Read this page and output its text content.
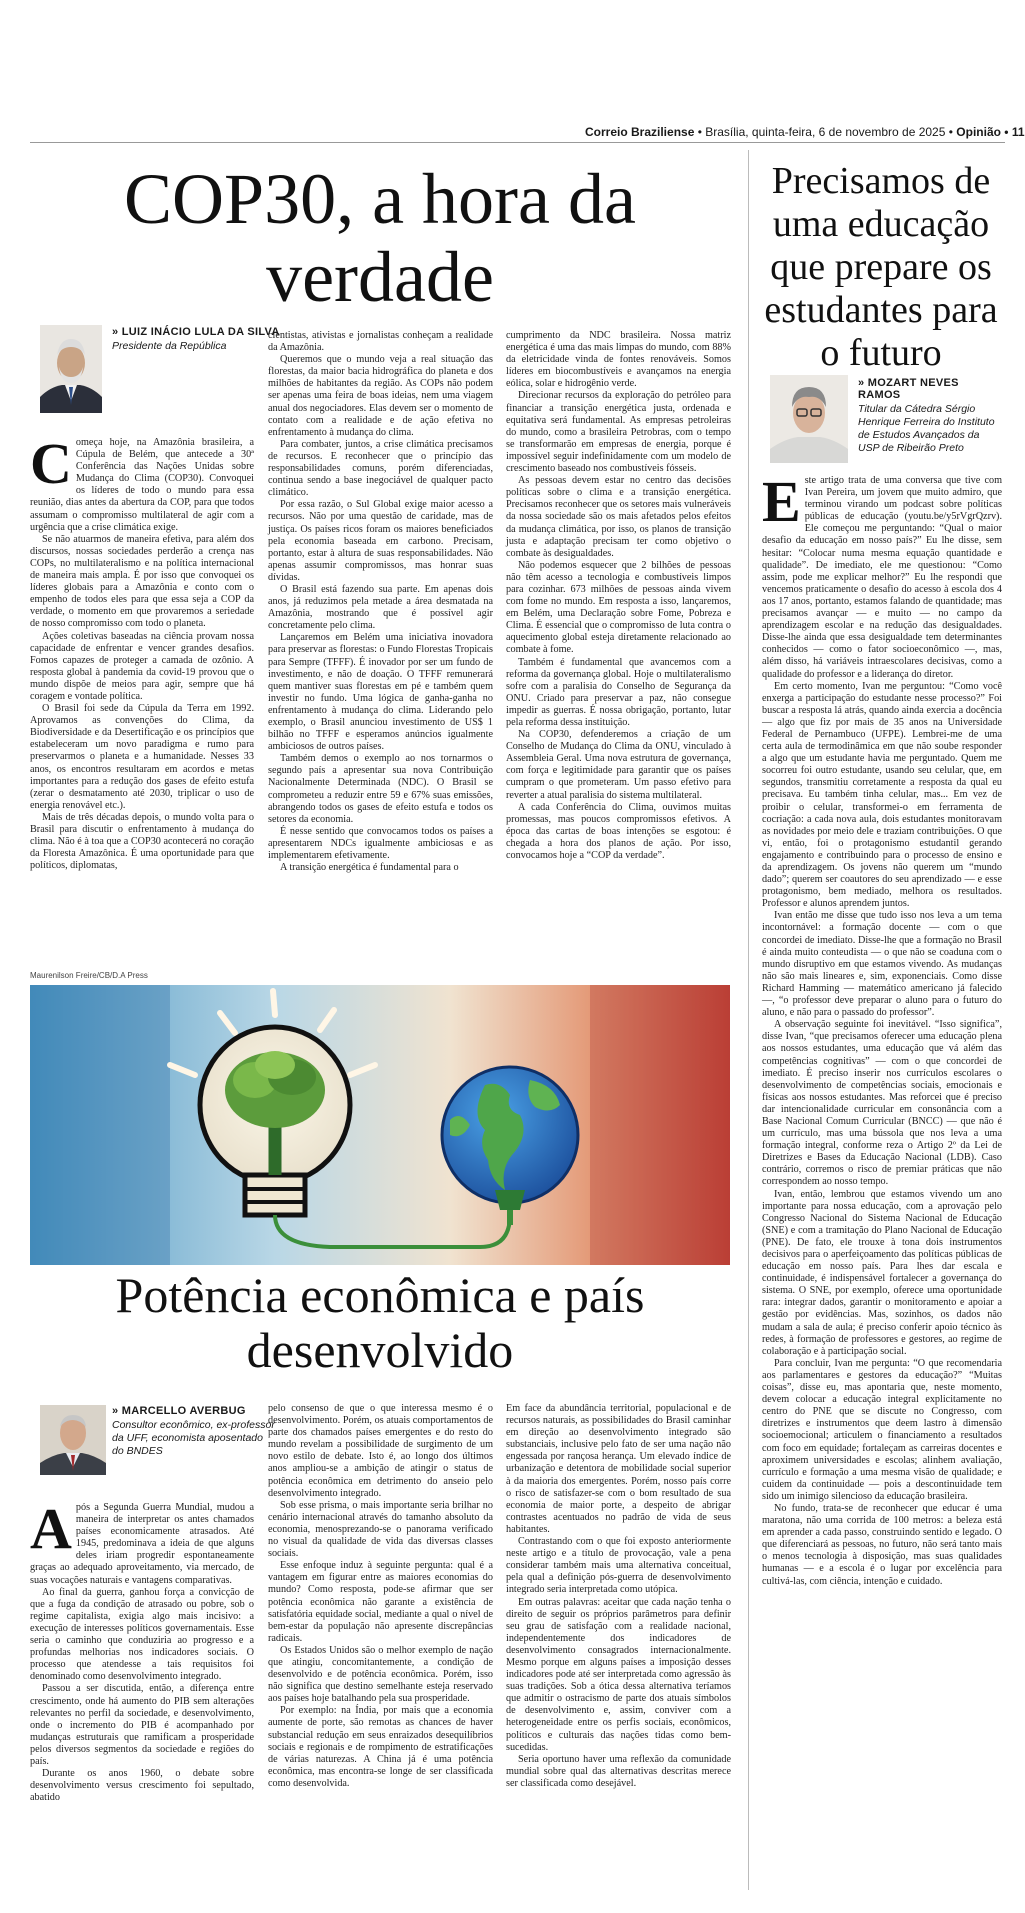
Correio Braziliense • Brasília, quinta-feira, 6 de novembro de 2025 • Opinião • 11
COP30, a hora da verdade
» LUIZ INÁCIO LULA DA SILVA
Presidente da República

Começa hoje, na Amazônia brasileira, a Cúpula de Belém, que antecede a 30ª Conferência das Nações Unidas sobre Mudança do Clima (COP30). Convoquei os líderes de todo o mundo para essa reunião, dias antes da abertura da COP, para que todos assumam o compromisso multilateral de agir com a urgência que a crise climática exige.

Se não atuarmos de maneira efetiva, para além dos discursos, nossas sociedades perderão a crença nas COPs, no multilateralismo e na política internacional de maneira mais ampla. É por isso que convoquei os líderes globais para a Amazônia e conto com o empenho de todos eles para que essa seja a COP da verdade, o momento em que provaremos a seriedade de nosso compromisso com todo o planeta.

Ações coletivas baseadas na ciência provam nossa capacidade de enfrentar e vencer grandes desafios. Fomos capazes de proteger a camada de ozônio. A resposta global à pandemia da covid-19 provou que o mundo dispõe de meios para agir, sempre que há coragem e vontade política.

O Brasil foi sede da Cúpula da Terra em 1992. Aprovamos as convenções do Clima, da Biodiversidade e da Desertificação e os princípios que estabeleceram um novo paradigma e rumo para preservarmos o planeta e a humanidade. Nesses 33 anos, os encontros resultaram em acordos e metas importantes para a redução dos gases de efeito estufa (zerar o desmatamento até 2030, triplicar o uso de energia renovável etc.).

Mais de três décadas depois, o mundo volta para o Brasil para discutir o enfrentamento à mudança do clima. Não é à toa que a COP30 acontecerá no coração da Floresta Amazônica. É uma oportunidade para que políticos, diplomatas,

cientistas, ativistas e jornalistas conheçam a realidade da Amazônia.

Queremos que o mundo veja a real situação das florestas, da maior bacia hidrográfica do planeta e dos milhões de habitantes da região. As COPs não podem ser apenas uma feira de boas ideias, nem uma viagem anual dos negociadores. Elas devem ser o momento de contato com a realidade e de ação efetiva no enfrentamento à mudança do clima.

Para combater, juntos, a crise climática precisamos de recursos. E reconhecer que o princípio das responsabilidades comuns, porém diferenciadas, continua sendo a base inegociável de qualquer pacto climático.

Por essa razão, o Sul Global exige maior acesso a recursos. Não por uma questão de caridade, mas de justiça. Os países ricos foram os maiores beneficiados pela economia baseada em carbono. Precisam, portanto, estar à altura de suas responsabilidades. Não apenas assumir compromissos, mas honrar suas dívidas.

O Brasil está fazendo sua parte. Em apenas dois anos, já reduzimos pela metade a área desmatada na Amazônia, mostrando que é possível agir concretamente pelo clima.

Lançaremos em Belém uma iniciativa inovadora para preservar as florestas: o Fundo Florestas Tropicais para Sempre (TFFF). É inovador por ser um fundo de investimento, e não de doação. O TFFF remunerará quem mantiver suas florestas em pé e também quem investir no fundo. Uma lógica de ganha-ganha no enfrentamento à mudança do clima. Liderando pelo exemplo, o Brasil anunciou investimento de US$ 1 bilhão no TFFF e esperamos anúncios igualmente ambiciosos de outros países.

Também demos o exemplo ao nos tornarmos o segundo país a apresentar sua nova Contribuição Nacionalmente Determinada (NDC). O Brasil se comprometeu a reduzir entre 59 e 67% suas emissões, abrangendo todos os gases de efeito estufa e todos os setores da economia.

É nesse sentido que convocamos todos os países a apresentarem NDCs igualmente ambiciosas e as implementarem efetivamente.

A transição energética é fundamental para o

cumprimento da NDC brasileira. Nossa matriz energética é uma das mais limpas do mundo, com 88% da eletricidade vinda de fontes renováveis. Somos líderes em biocombustíveis e avançamos na energia eólica, solar e hidrogênio verde.

Direcionar recursos da exploração do petróleo para financiar a transição energética justa, ordenada e equitativa será fundamental. As empresas petroleiras do mundo, como a brasileira Petrobras, com o tempo se transformarão em empresas de energia, porque é impossível seguir indefinidamente com um modelo de crescimento baseado nos combustíveis fósseis.

As pessoas devem estar no centro das decisões políticas sobre o clima e a transição energética. Precisamos reconhecer que os setores mais vulneráveis da nossa sociedade são os mais afetados pelos efeitos da mudança climática, por isso, os planos de transição justa e adaptação precisam ter como objetivo o combate às desigualdades.

Não podemos esquecer que 2 bilhões de pessoas não têm acesso a tecnologia e combustíveis limpos para cozinhar. 673 milhões de pessoas ainda vivem com fome no mundo. Em resposta a isso, lançaremos, em Belém, uma Declaração sobre Fome, Pobreza e Clima. É essencial que o compromisso de luta contra o aquecimento global esteja diretamente relacionado ao combate à fome.

Também é fundamental que avancemos com a reforma da governança global. Hoje o multilateralismo sofre com a paralisia do Conselho de Segurança da ONU. Criado para preservar a paz, não consegue impedir as guerras. É nossa obrigação, portanto, lutar pela reforma dessa instituição.

Na COP30, defenderemos a criação de um Conselho de Mudança do Clima da ONU, vinculado à Assembleia Geral. Uma nova estrutura de governança, com força e legitimidade para garantir que os países cumpram o que prometeram. Um passo efetivo para reverter a atual paralisia do sistema multilateral.

A cada Conferência do Clima, ouvimos muitas promessas, mas poucos compromissos efetivos. A época das cartas de boas intenções se esgotou: é chegada a hora dos planos de ação. Por isso, convocamos hoje a “COP da verdade”.

Maurenilson Freire/CB/D.A Press
Potência econômica e país desenvolvido
» MARCELLO AVERBUG
Consultor econômico, ex-professor da UFF, economista aposentado do BNDES

Após a Segunda Guerra Mundial, mudou a maneira de interpretar os antes chamados países economicamente atrasados. Até 1945, predominava a ideia de que alguns deles iriam progredir espontaneamente graças ao adequado aproveitamento, via mercado, de suas vocações naturais e vantagens comparativas.

Ao final da guerra, ganhou força a convicção de que a fuga da condição de atrasado ou pobre, sob o regime capitalista, exigia algo mais incisivo: a execução de interesses políticos governamentais. Esse seria o caminho que conduziria ao progresso e a profundas melhorias nos indicadores sociais. O processo que atendesse a tais requisitos foi denominado como desenvolvimento integrado.

Passou a ser discutida, então, a diferença entre crescimento, onde há aumento do PIB sem alterações relevantes no perfil da sociedade, e desenvolvimento, onde o incremento do PIB é acompanhado por mudanças estruturais que ramificam a prosperidade pelos diversos segmentos da sociedade e regiões do país.

Durante os anos 1960, o debate sobre desenvolvimento versus crescimento foi sepultado, abatido

pelo consenso de que o que interessa mesmo é o desenvolvimento. Porém, os atuais comportamentos de parte dos chamados países emergentes e do resto do mundo revelam a possibilidade de surgimento de um novo estilo de debate. Isto é, ao longo dos últimos anos ampliou-se a ambição de atingir o status de potência econômica em detrimento do anseio pelo desenvolvimento integrado.

Sob esse prisma, o mais importante seria brilhar no cenário internacional através do tamanho absoluto da economia, menosprezando-se o panorama verificado no visual da qualidade de vida das diversas classes sociais.

Esse enfoque induz à seguinte pergunta: qual é a vantagem em figurar entre as maiores economias do mundo? Como resposta, pode-se afirmar que ser potência econômica não garante a existência de satisfatória equidade social, mediante a qual o nível de bem-estar da população não apresente discrepâncias radicais.

Os Estados Unidos são o melhor exemplo de nação que atingiu, concomitantemente, a condição de desenvolvido e de potência econômica. Porém, isso não significa que destino semelhante esteja reservado aos países hoje batalhando pela sua prosperidade.

Por exemplo: na Índia, por mais que a economia aumente de porte, são remotas as chances de haver substancial redução em seus enraizados desequilíbrios sociais e regionais e de rompimento de estratificações de várias naturezas. A China já é uma potência econômica, mas encontra-se longe de ser classificada como desenvolvida.

Em face da abundância territorial, populacional e de recursos naturais, as possibilidades do Brasil caminhar em direção ao desenvolvimento integrado são substanciais, inclusive pelo fato de ser uma nação não engessada por rançosa herança. Um elevado índice de urbanização e detentora de mobilidade social superior à da maioria dos emergentes. Porém, nosso país corre o risco de satisfazer-se com o bom resultado de sua economia de maior porte, a despeito de abrigar contrastes acentuados no padrão de vida de seus habitantes.

Contrastando com o que foi exposto anteriormente neste artigo e a título de provocação, vale a pena considerar também mais uma alternativa conceitual, pela qual a definição pós-guerra de desenvolvimento integrado seria interpretada como utópica.

Em outras palavras: aceitar que cada nação tenha o direito de seguir os próprios parâmetros para definir seu grau de satisfação com a realidade nacional, independentemente dos indicadores de desenvolvimento consagrados internacionalmente. Mesmo porque em alguns países a imposição desses indicadores pode até ser interpretada como agressão às suas tradições. Sob a ótica dessa alternativa teríamos que admitir o ostracismo de parte dos atuais símbolos de desenvolvimento e, assim, conviver com a heterogeneidade entre os perfis sociais, econômicos, políticos e culturais das nações tidas como bem-sucedidas.

Seria oportuno haver uma reflexão da comunidade mundial sobre qual das alternativas descritas merece ser classificada como desejável.

Precisamos de uma educação que prepare os estudantes para o futuro
» MOZART NEVES RAMOS
Titular da Cátedra Sérgio Henrique Ferreira do Instituto de Estudos Avançados da USP de Ribeirão Preto

Este artigo trata de uma conversa que tive com Ivan Pereira, um jovem que muito admiro, que terminou virando um podcast sobre políticas públicas de educação (youtu.be/y5rVgrQzrv). Ele começou me perguntando: “Qual o maior desafio da educação em nosso país?” Eu lhe disse, sem hesitar: “Colocar numa mesma equação quantidade e qualidade”. De imediato, ele me questionou: “Como assim, pode me explicar melhor?” Eu lhe respondi que vencemos praticamente o desafio do acesso à escola dos 4 aos 17 anos, portanto, estamos falando de quantidade; mas precisamos avançar — e muito — no campo da aprendizagem escolar e na redução das desigualdades. Disse-lhe ainda que essa desigualdade tem determinantes conhecidos — como o fator socioeconômico —, mas, além disso, há variáveis intraescolares decisivas, como a qualidade do professor e a liderança do diretor.

Em certo momento, Ivan me perguntou: “Como você enxerga a participação do estudante nesse processo?” Foi buscar a resposta lá atrás, quando ainda exercia a docência — algo que fiz por mais de 35 anos na Universidade Federal de Pernambuco (UFPE). Lembrei-me de uma certa aula de termodinâmica em que não soube responder a algo que um estudante havia me perguntado. Quem me socorreu foi outro estudante, usando seu celular, que, em segundos, transmitiu corretamente a resposta da qual eu precisava. Eu também tinha celular, mas... Em vez de proibir o celular, transformei-o em ferramenta de cocriação: a cada nova aula, dois estudantes monitoravam as novidades por meio dele e traziam contribuições. O que vi, então, foi o protagonismo estudantil gerando engajamento e contribuindo para o processo de ensino e da aprendizagem. Os jovens não querem um “mundo dado”; querem ser coautores do seu aprendizado — e esse protagonismo, bem mediado, melhora os resultados. Professor e alunos aprendem juntos.

Ivan então me disse que tudo isso nos leva a um tema incontornável: a formação docente — com o que concordei de imediato. Disse-lhe que a formação no Brasil é ainda muito conteudista — o que não se coaduna com o mundo disruptivo em que estamos vivendo. As mudanças não são mais lineares e, sim, exponenciais. Como disse Richard Hamming — matemático americano já falecido —, “o professor deve preparar o aluno para o futuro do aluno, e não para o passado do professor”.

A observação seguinte foi inevitável. “Isso significa”, disse Ivan, “que precisamos oferecer uma educação plena aos nossos estudantes, uma educação que vá além das competências cognitivas” — com o que concordei de imediato. É preciso inserir nos currículos escolares o desenvolvimento de competências sociais, emocionais e físicas aos nossos estudantes. Mas reforcei que é preciso dar intencionalidade curricular em consonância com a Base Nacional Comum Curricular (BNCC) — que não é um currículo, mas uma bússola que nos leva a uma formação integral, conforme reza o Artigo 2º da Lei de Diretrizes e Bases da Educação Nacional (LDB). Caso contrário, corremos o risco de premiar práticas que não correspondem ao nosso tempo.

Ivan, então, lembrou que estamos vivendo um ano importante para nossa educação, com a aprovação pelo Congresso Nacional do Sistema Nacional de Educação (SNE) e com a tramitação do Plano Nacional de Educação (PNE). De fato, ele trouxe à tona dois instrumentos decisivos para o aperfeiçoamento das políticas públicas de educação em nosso país. Para lhes dar escala e continuidade, é indispensável fortalecer a governança do sistema. O SNE, por exemplo, oferece uma oportunidade rara: integrar dados, garantir o monitoramento e apoiar a gestão por evidências. Mas, sozinhos, os dados não mudam a sala de aula; é preciso conferir apoio técnico às redes, à formação de professores e gestores, ao regime de colaboração e à participação social.

Para concluir, Ivan me pergunta: “O que recomendaria aos parlamentares e gestores da educação?” “Muitas coisas”, disse eu, mas apontaria que, neste momento, devem colocar a educação integral explicitamente no centro do PNE que se discute no Congresso, com diretrizes e instrumentos que deem lastro à dimensão socioemocional; articulem o financiamento a resultados com foco em equidade; fortaleçam as carreiras docentes e aproximem universidades e escolas; alinhem avaliação, currículo e formação a uma mesma visão de qualidade; e cuidem da continuidade — pois a descontinuidade tem sido um inimigo silencioso da educação brasileira.

No fundo, trata-se de reconhecer que educar é uma maratona, não uma corrida de 100 metros: a beleza está em aprender a cada passo, construindo sentido e legado. O que diferenciará as pessoas, no futuro, não será tanto mais o menos tecnologia à disposição, mas suas qualidades humanas — e a escola é o lugar por excelência para cultivá-las, com ciência, intenção e cuidado.
